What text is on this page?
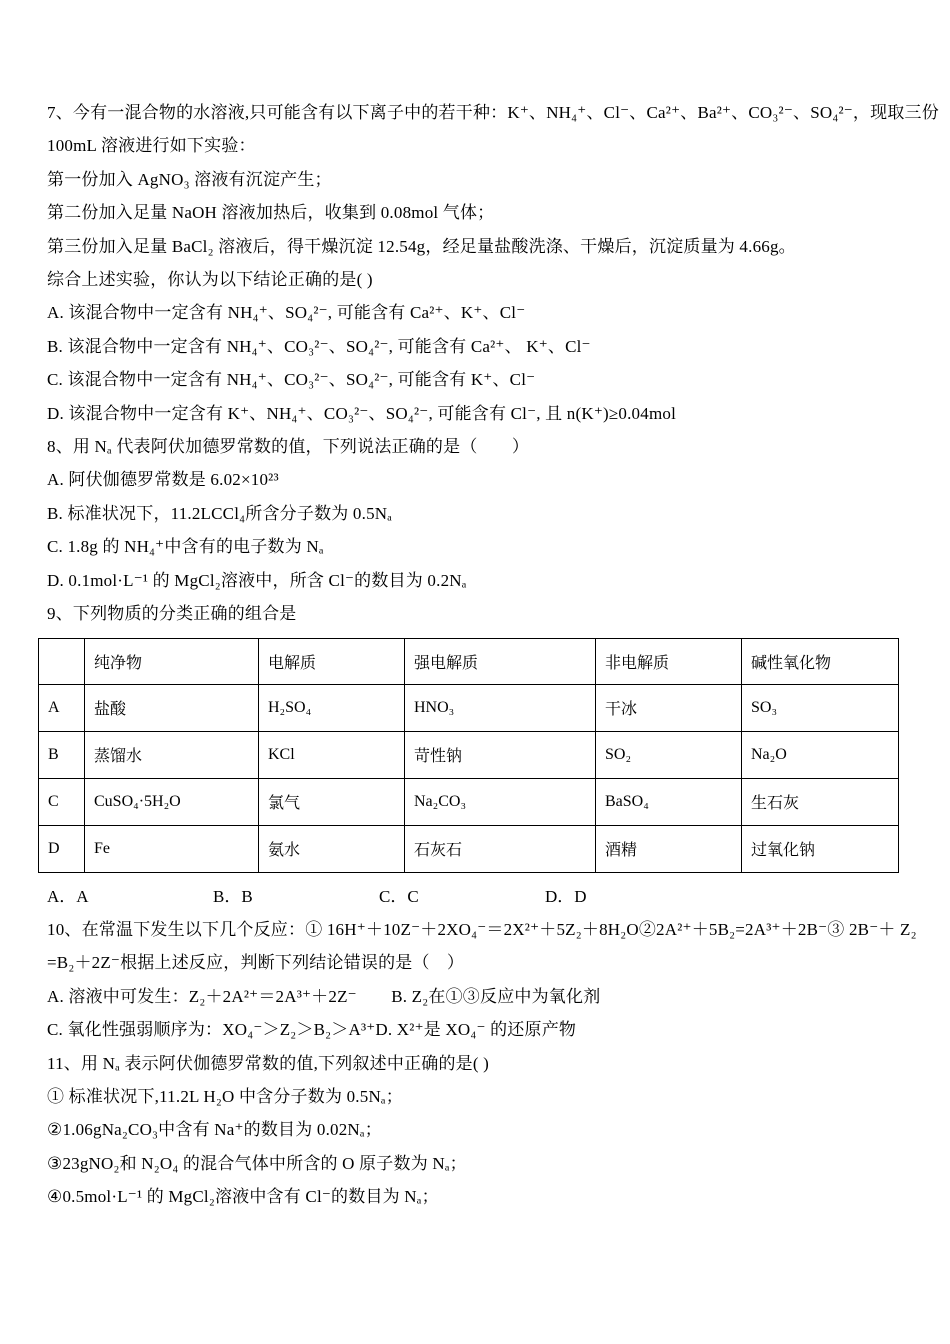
7、今有一混合物的水溶液,只可能含有以下离子中的若干种：K⁺、NH₄⁺、Cl⁻、Ca²⁺、Ba²⁺、CO₃²⁻、SO₄²⁻，现取三份

100mL 溶液进行如下实验：

第一份加入 AgNO₃ 溶液有沉淀产生；

第二份加入足量 NaOH 溶液加热后，收集到 0.08mol 气体；

第三份加入足量 BaCl₂ 溶液后，得干燥沉淀 12.54g，经足量盐酸洗涤、干燥后，沉淀质量为 4.66g。

综合上述实验，你认为以下结论正确的是( )

A. 该混合物中一定含有 NH₄⁺、SO₄²⁻, 可能含有 Ca²⁺、K⁺、Cl⁻

B. 该混合物中一定含有 NH₄⁺、CO₃²⁻、SO₄²⁻, 可能含有 Ca²⁺、 K⁺、Cl⁻

C. 该混合物中一定含有 NH₄⁺、CO₃²⁻、SO₄²⁻, 可能含有 K⁺、Cl⁻

D. 该混合物中一定含有 K⁺、NH₄⁺、CO₃²⁻、SO₄²⁻, 可能含有 Cl⁻, 且 n(K⁺)≥0.04mol

8、用 Nₐ 代表阿伏加德罗常数的值，下列说法正确的是（　　）

A. 阿伏伽德罗常数是 6.02×10²³

B. 标准状况下，11.2LCCl₄所含分子数为 0.5Nₐ

C. 1.8g 的 NH₄⁺中含有的电子数为 Nₐ

D. 0.1mol·L⁻¹ 的 MgCl₂溶液中，所含 Cl⁻的数目为 0.2Nₐ

9、下列物质的分类正确的组合是

	纯净物	电解质	强电解质	非电解质	碱性氧化物
A	盐酸	H₂SO₄	HNO₃	干冰	SO₃
B	蒸馏水	KCl	苛性钠	SO₂	Na₂O
C	CuSO₄·5H₂O	氯气	Na₂CO₃	BaSO₄	生石灰
D	Fe	氨水	石灰石	酒精	过氧化钠
A．A	B．B	C．C	D．D

10、在常温下发生以下几个反应：① 16H⁺＋10Z⁻＋2XO₄⁻＝2X²⁺＋5Z₂＋8H₂O②2A²⁺＋5B₂=2A³⁺＋2B⁻③ 2B⁻＋ Z₂

=B₂＋2Z⁻根据上述反应，判断下列结论错误的是（　）

A. 溶液中可发生：Z₂＋2A²⁺＝2A³⁺＋2Z⁻　　B. Z₂在①③反应中为氧化剂

C. 氧化性强弱顺序为：XO₄⁻＞Z₂＞B₂＞A³⁺D. X²⁺是 XO₄⁻ 的还原产物

11、用 Nₐ 表示阿伏伽德罗常数的值,下列叙述中正确的是( )

① 标准状况下,11.2L H₂O 中含分子数为 0.5Nₐ；

②1.06gNa₂CO₃中含有 Na⁺的数目为 0.02Nₐ；

③23gNO₂和 N₂O₄ 的混合气体中所含的 O 原子数为 Nₐ；

④0.5mol·L⁻¹ 的 MgCl₂溶液中含有 Cl⁻的数目为 Nₐ；
